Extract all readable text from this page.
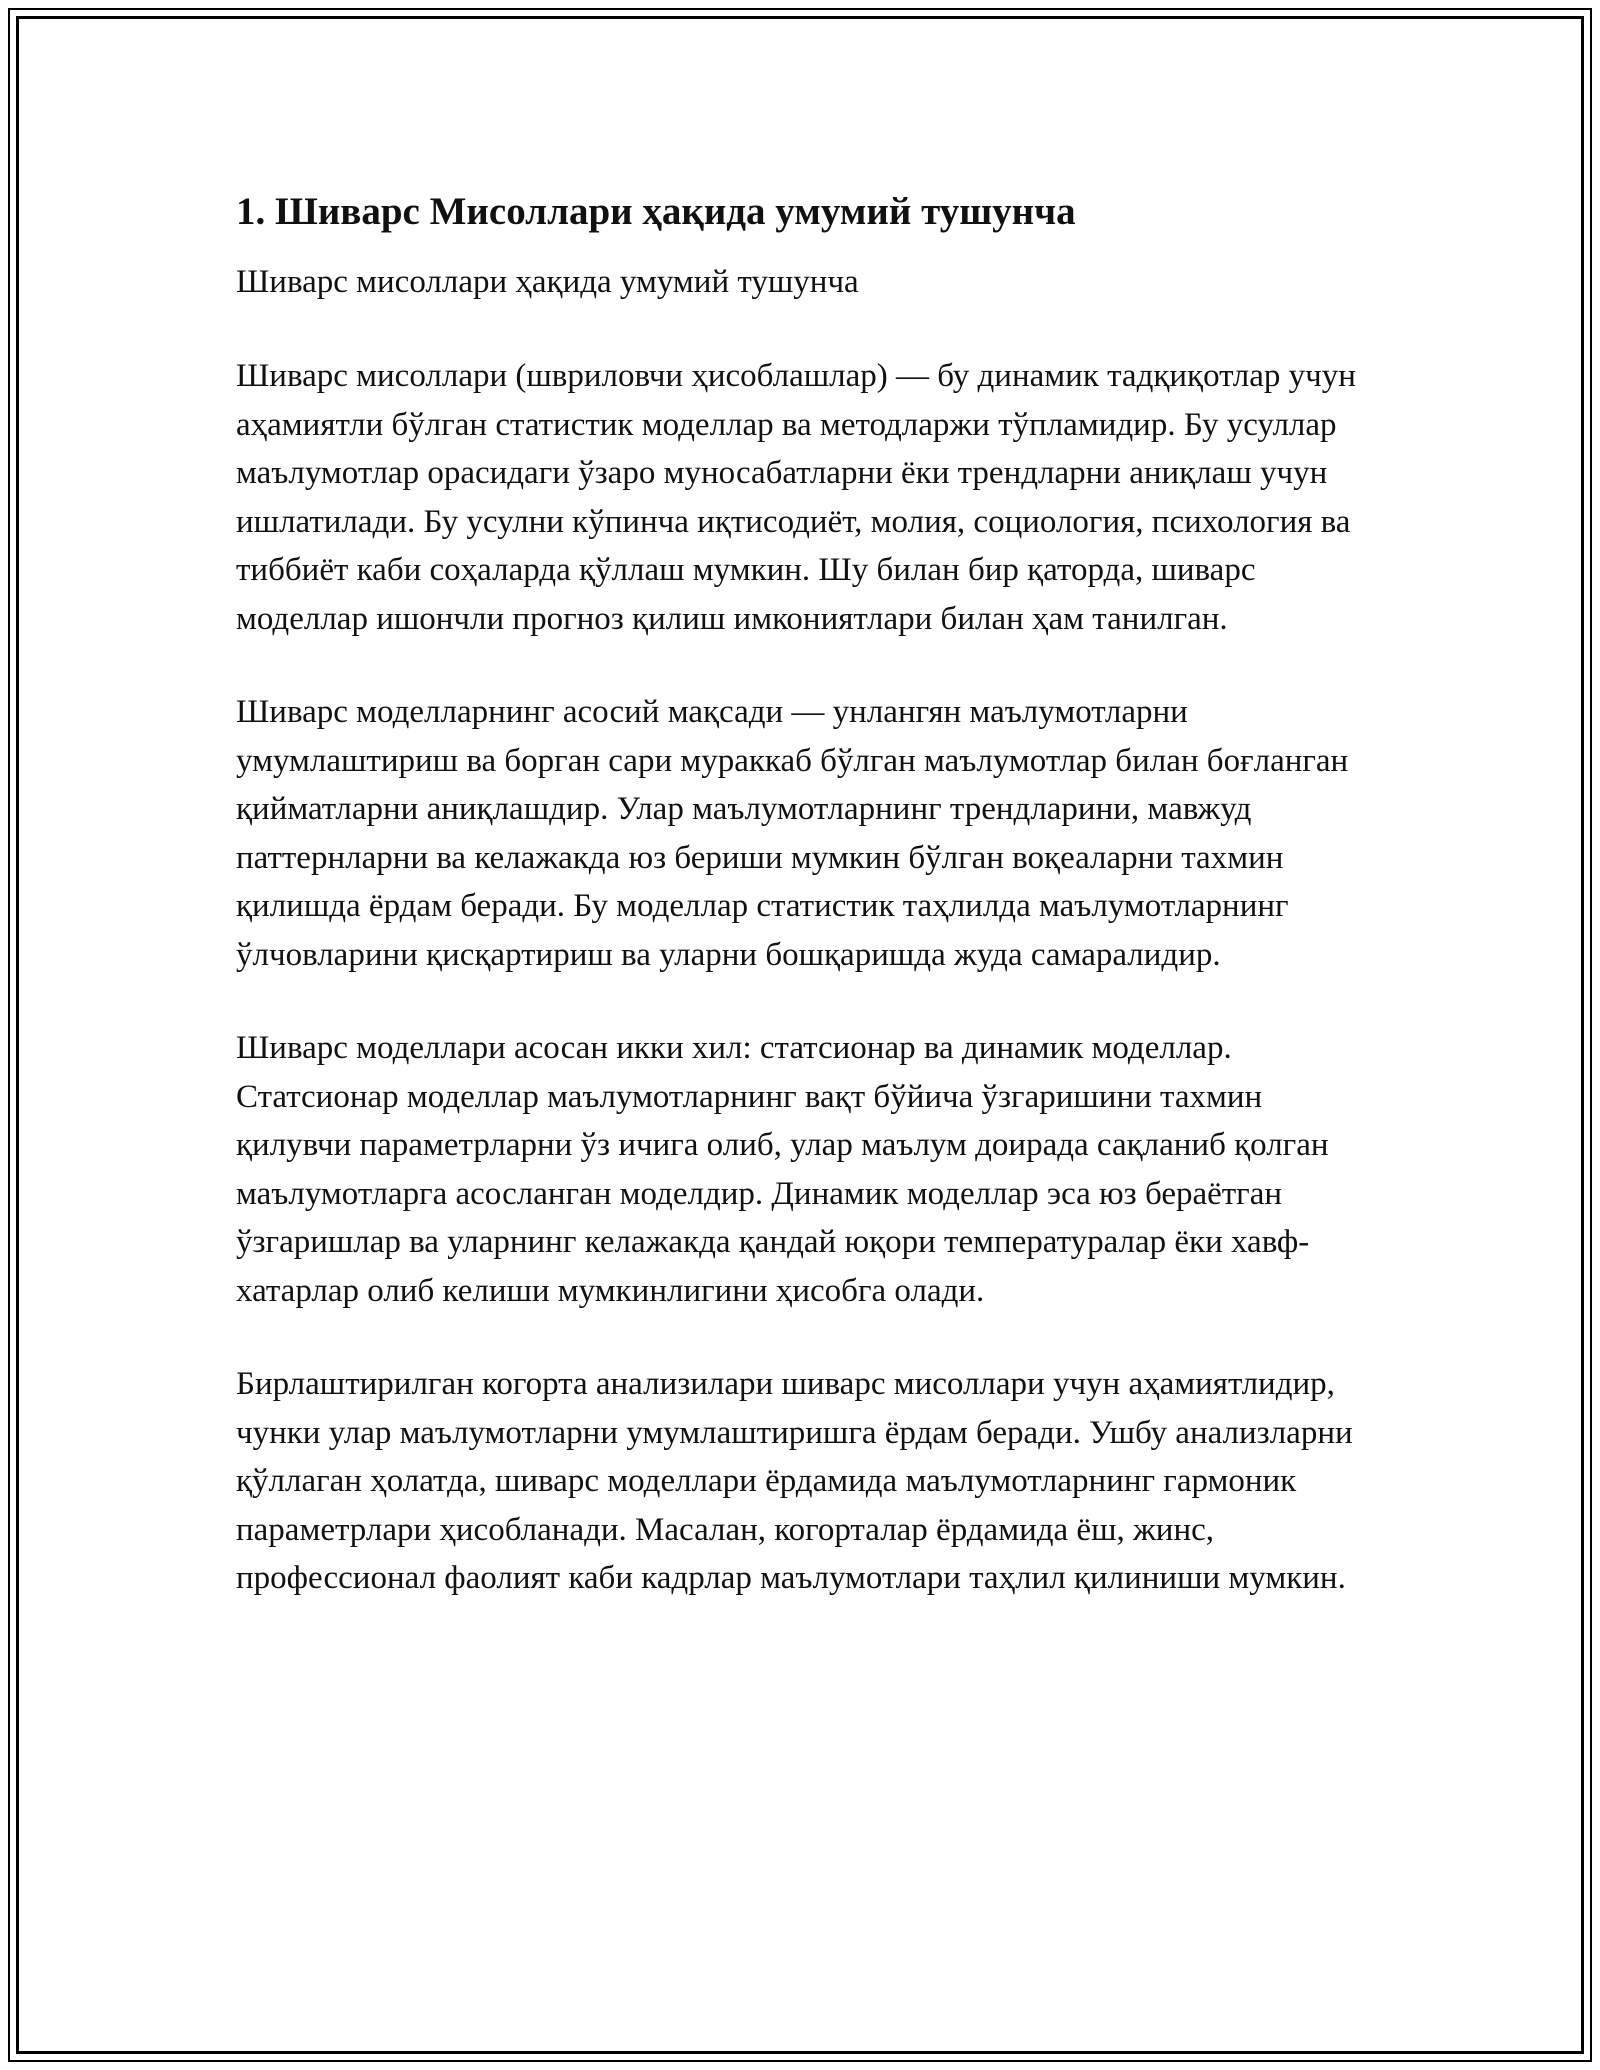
1. Шиварс Мисоллари ҳақида умумий тушунча

Шиварс мисоллари ҳақида умумий тушунча

Шиварс мисоллари (швриловчи ҳисоблашлар) — бу динамик тадқиқотлар учун аҳамиятли бўлган статистик моделлар ва методларжи тўпламидир. Бу усуллар маълумотлар орасидаги ўзаро муносабатларни ёки трендларни аниқлаш учун ишлатилади. Бу усулни кўпинча иқтисодиёт, молия, социология, психология ва тиббиёт каби соҳаларда қўллаш мумкин. Шу билан бир қаторда, шиварс моделлар ишончли прогноз қилиш имкониятлари билан ҳам танилган.

Шиварс моделларнинг асосий мақсади — унлангян маълумотларни умумлаштириш ва борган сари мураккаб бўлган маълумотлар билан боғланган қийматларни аниқлашдир. Улар маълумотларнинг трендларини, мавжуд паттернларни ва келажакда юз бериши мумкин бўлган воқеаларни тахмин қилишда ёрдам беради. Бу моделлар статистик таҳлилда маълумотларнинг ўлчовларини қисқартириш ва уларни бошқаришда жуда самаралидир.

Шиварс моделлари асосан икки хил: статсионар ва динамик моделлар. Статсионар моделлар маълумотларнинг вақт бўйича ўзгаришини тахмин қилувчи параметрларни ўз ичига олиб, улар маълум доирада сақланиб қолган маълумотларга асосланган моделдир. Динамик моделлар эса юз бераётган ўзгаришлар ва уларнинг келажакда қандай юқори температуралар ёки хавф-хатарлар олиб келиши мумкинлигини ҳисобга олади.

Бирлаштирилган когорта анализилари шиварс мисоллари учун аҳамиятлидир, чунки улар маълумотларни умумлаштиришга ёрдам беради. Ушбу анализларни қўллаган ҳолатда, шиварс моделлари ёрдамида маълумотларнинг гармоник параметрлари ҳисобланади. Масалан, когорталар ёрдамида ёш, жинс, профессионал фаолият каби кадрлар маълумотлари таҳлил қилиниши мумкин.
